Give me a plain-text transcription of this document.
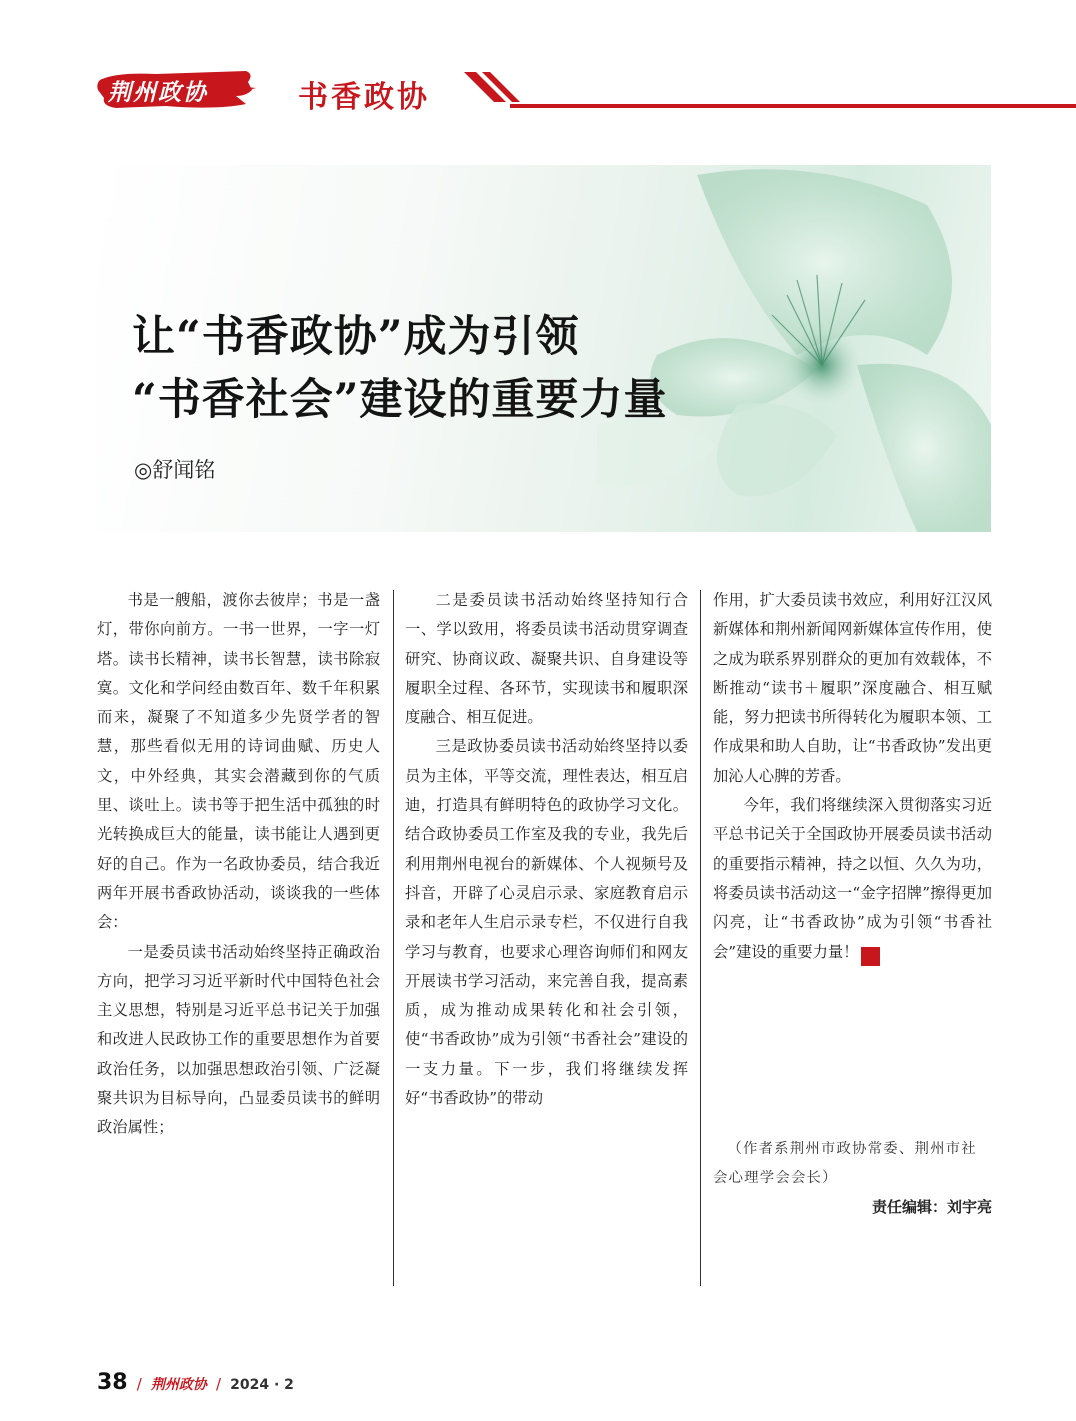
荆州政协	书香政协
让“书香政协”成为引领
“书香社会”建设的重要力量
◎舒闻铭

书是一艘船，渡你去彼岸；书是一盏灯，带你向前方。一书一世界，一字一灯塔。读书长精神，读书长智慧，读书除寂寞。文化和学问经由数百年、数千年积累而来，凝聚了不知道多少先贤学者的智慧，那些看似无用的诗词曲赋、历史人文，中外经典，其实会潜藏到你的气质里、谈吐上。读书等于把生活中孤独的时光转换成巨大的能量，读书能让人遇到更好的自己。作为一名政协委员，结合我近两年开展书香政协活动，谈谈我的一些体会：

一是委员读书活动始终坚持正确政治方向，把学习习近平新时代中国特色社会主义思想，特别是习近平总书记关于加强和改进人民政协工作的重要思想作为首要政治任务，以加强思想政治引领、广泛凝聚共识为目标导向，凸显委员读书的鲜明政治属性；

二是委员读书活动始终坚持知行合一、学以致用，将委员读书活动贯穿调查研究、协商议政、凝聚共识、自身建设等履职全过程、各环节，实现读书和履职深度融合、相互促进。

三是政协委员读书活动始终坚持以委员为主体，平等交流，理性表达，相互启迪，打造具有鲜明特色的政协学习文化。结合政协委员工作室及我的专业，我先后利用荆州电视台的新媒体、个人视频号及抖音，开辟了心灵启示录、家庭教育启示录和老年人生启示录专栏，不仅进行自我学习与教育，也要求心理咨询师们和网友开展读书学习活动，来完善自我，提高素质，成为推动成果转化和社会引领，使“书香政协”成为引领“书香社会”建设的一支力量。下一步，我们将继续发挥好“书香政协”的带动

作用，扩大委员读书效应，利用好江汉风新媒体和荆州新闻网新媒体宣传作用，使之成为联系界别群众的更加有效载体，不断推动“读书＋履职”深度融合、相互赋能，努力把读书所得转化为履职本领、工作成果和助人自助，让“书香政协”发出更加沁人心脾的芳香。

今年，我们将继续深入贯彻落实习近平总书记关于全国政协开展委员读书活动的重要指示精神，持之以恒、久久为功，将委员读书活动这一“金字招牌”擦得更加闪亮，让“书香政协”成为引领“书香社会”建设的重要力量！	协

（作者系荆州市政协常委、荆州市社会心理学会会长）

责任编辑：刘宇亮
38 / 荆州政协 / 2024 · 2
